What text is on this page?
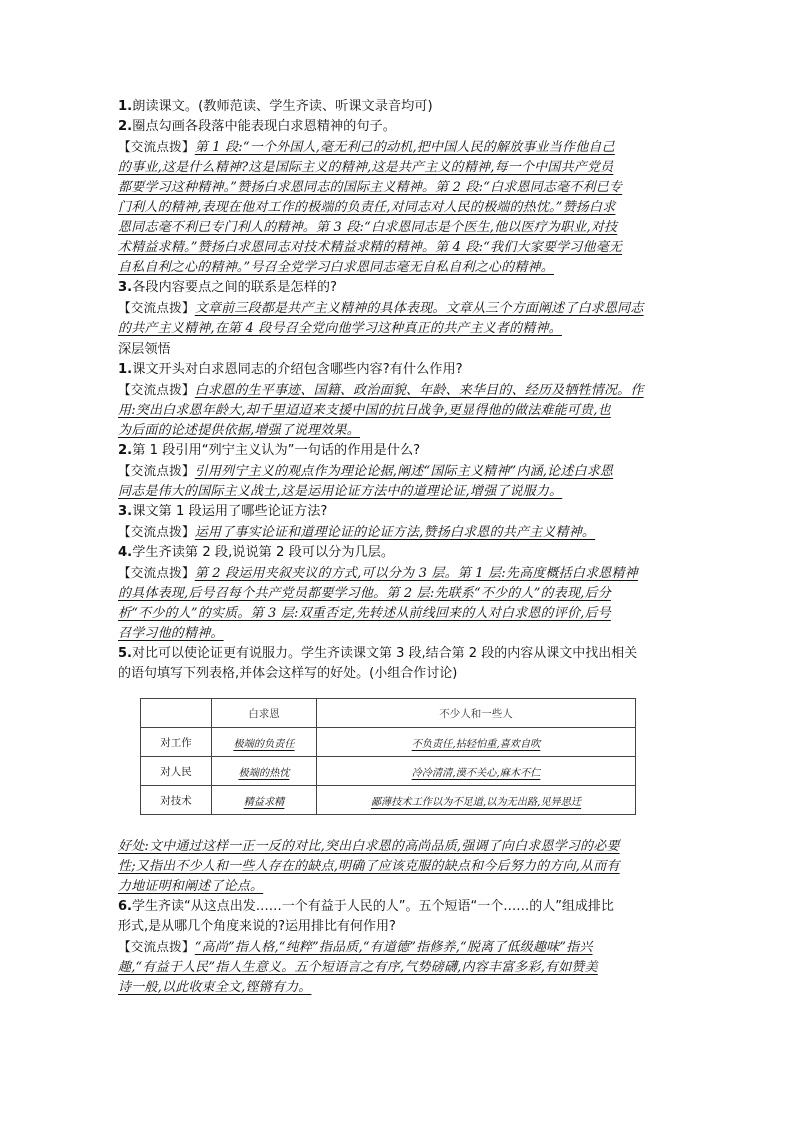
1.朗读课文。(教师范读、学生齐读、听课文录音均可)
2.圈点勾画各段落中能表现白求恩精神的句子。
【交流点拨】第 1 段:“一个外国人,毫无利己的动机,把中国人民的解放事业当作他自己
的事业,这是什么精神?这是国际主义的精神,这是共产主义的精神,每一个中国共产党员
都要学习这种精神。”赞扬白求恩同志的国际主义精神。第 2 段:“白求恩同志毫不利已专
门利人的精神,表现在他对工作的极端的负责任,对同志对人民的极端的热忱。”赞扬白求
恩同志毫不利已专门利人的精神。第 3 段:“白求恩同志是个医生,他以医疗为职业,对技
术精益求精。”赞扬白求恩同志对技术精益求精的精神。第 4 段:“我们大家要学习他毫无
自私自利之心的精神。”号召全党学习白求恩同志毫无自私自利之心的精神。
3.各段内容要点之间的联系是怎样的?
【交流点拨】文章前三段都是共产主义精神的具体表现。文章从三个方面阐述了白求恩同志
的共产主义精神,在第 4 段号召全党向他学习这种真正的共产主义者的精神。
深层领悟
1.课文开头对白求恩同志的介绍包含哪些内容?有什么作用?
【交流点拨】白求恩的生平事迹、国籍、政治面貌、年龄、来华目的、经历及牺牲情况。作
用:突出白求恩年龄大,却千里迢迢来支援中国的抗日战争,更显得他的做法难能可贵,也
为后面的论述提供依据,增强了说理效果。
2.第 1 段引用“列宁主义认为”一句话的作用是什么?
【交流点拨】引用列宁主义的观点作为理论论据,阐述“国际主义精神”内涵,论述白求恩
同志是伟大的国际主义战士,这是运用论证方法中的道理论证,增强了说服力。
3.课文第 1 段运用了哪些论证方法?
【交流点拨】运用了事实论证和道理论证的论证方法,赞扬白求恩的共产主义精神。
4.学生齐读第 2 段,说说第 2 段可以分为几层。
【交流点拨】第 2 段运用夹叙夹议的方式,可以分为 3 层。第 1 层:先高度概括白求恩精神
的具体表现,后号召每个共产党员都要学习他。第 2 层:先联系“不少的人”的表现,后分
析“不少的人”的实质。第 3 层:双重否定,先转述从前线回来的人对白求恩的评价,后号
召学习他的精神。
5.对比可以使论证更有说服力。学生齐读课文第 3 段,结合第 2 段的内容从课文中找出相关
的语句填写下列表格,并体会这样写的好处。(小组合作讨论)
	白求恩	不少人和一些人
对工作	极端的负责任	不负责任,拈轻怕重,喜欢自吹
对人民	极端的热忱	冷冷清清,漠不关心,麻木不仁
对技术	精益求精	鄙薄技术工作以为不足道,以为无出路,见异思迁
好处:文中通过这样一正一反的对比,突出白求恩的高尚品质,强调了向白求恩学习的必要
性;又指出不少人和一些人存在的缺点,明确了应该克服的缺点和今后努力的方向,从而有
力地证明和阐述了论点。
6.学生齐读“从这点出发……一个有益于人民的人”。五个短语“一个……的人”组成排比
形式,是从哪几个角度来说的?运用排比有何作用?
【交流点拨】“高尚”指人格,“纯粹”指品质,“有道德”指修养,“脱离了低级趣味”指兴
趣,“有益于人民”指人生意义。五个短语言之有序,气势磅礴,内容丰富多彩,有如赞美
诗一般,以此收束全文,铿锵有力。
